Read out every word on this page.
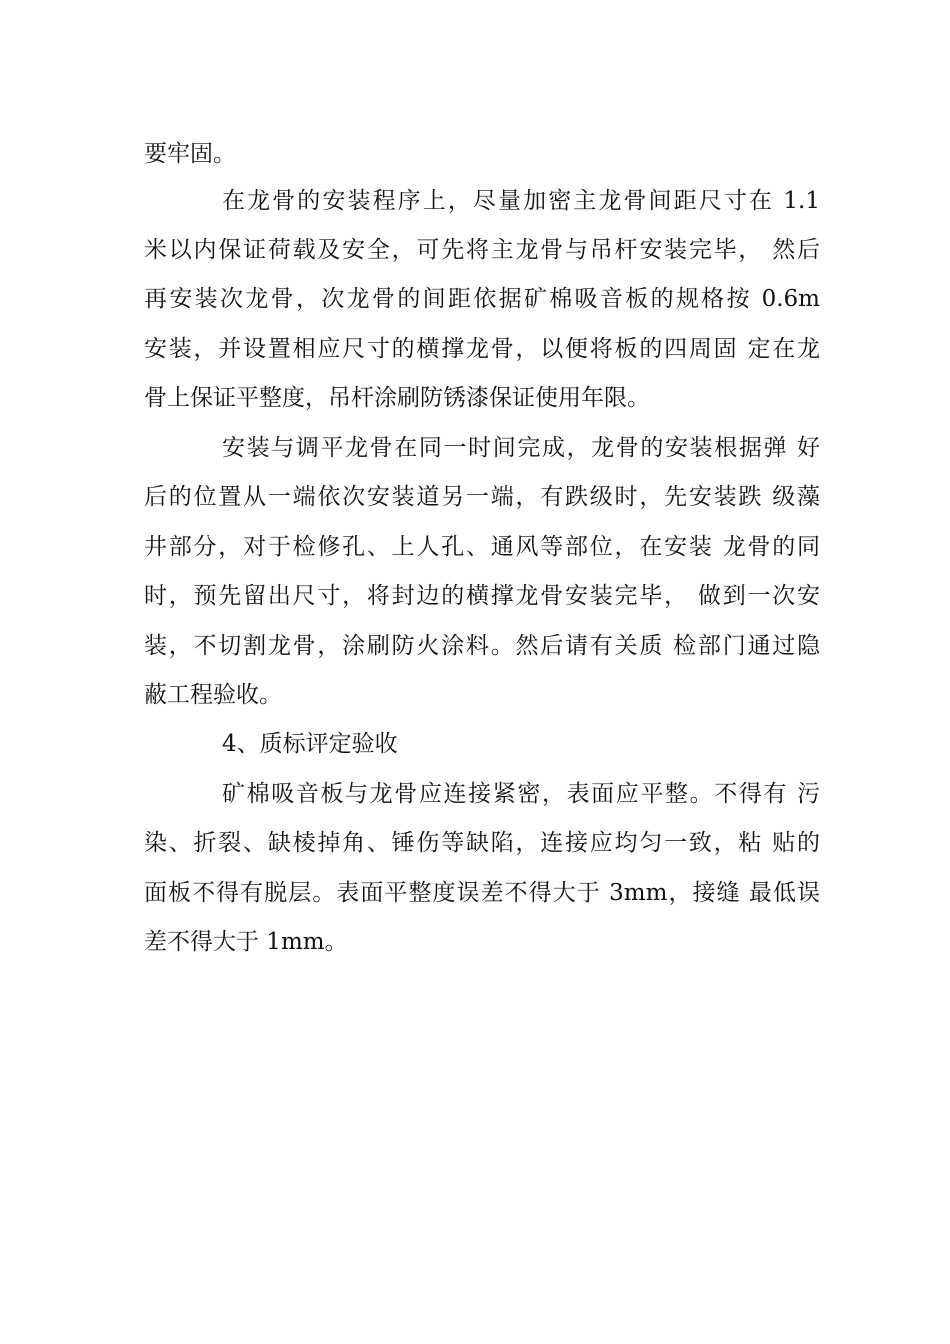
要牢固。
在龙骨的安装程序上，尽量加密主龙骨间距尺寸在 1.1
米以内保证荷载及安全，可先将主龙骨与吊杆安装完毕， 然后
再安装次龙骨，次龙骨的间距依据矿棉吸音板的规格按 0.6m
安装，并设置相应尺寸的横撑龙骨，以便将板的四周固 定在龙
骨上保证平整度，吊杆涂刷防锈漆保证使用年限。
安装与调平龙骨在同一时间完成，龙骨的安装根据弹 好
后的位置从一端依次安装道另一端，有跌级时，先安装跌 级藻
井部分，对于检修孔、上人孔、通风等部位，在安装 龙骨的同
时，预先留出尺寸，将封边的横撑龙骨安装完毕， 做到一次安
装，不切割龙骨，涂刷防火涂料。然后请有关质 检部门通过隐
蔽工程验收。
4、质标评定验收
矿棉吸音板与龙骨应连接紧密，表面应平整。不得有 污
染、折裂、缺棱掉角、锤伤等缺陷，连接应均匀一致，粘 贴的
面板不得有脱层。表面平整度误差不得大于 3mm，接缝 最低误
差不得大于 1mm。
